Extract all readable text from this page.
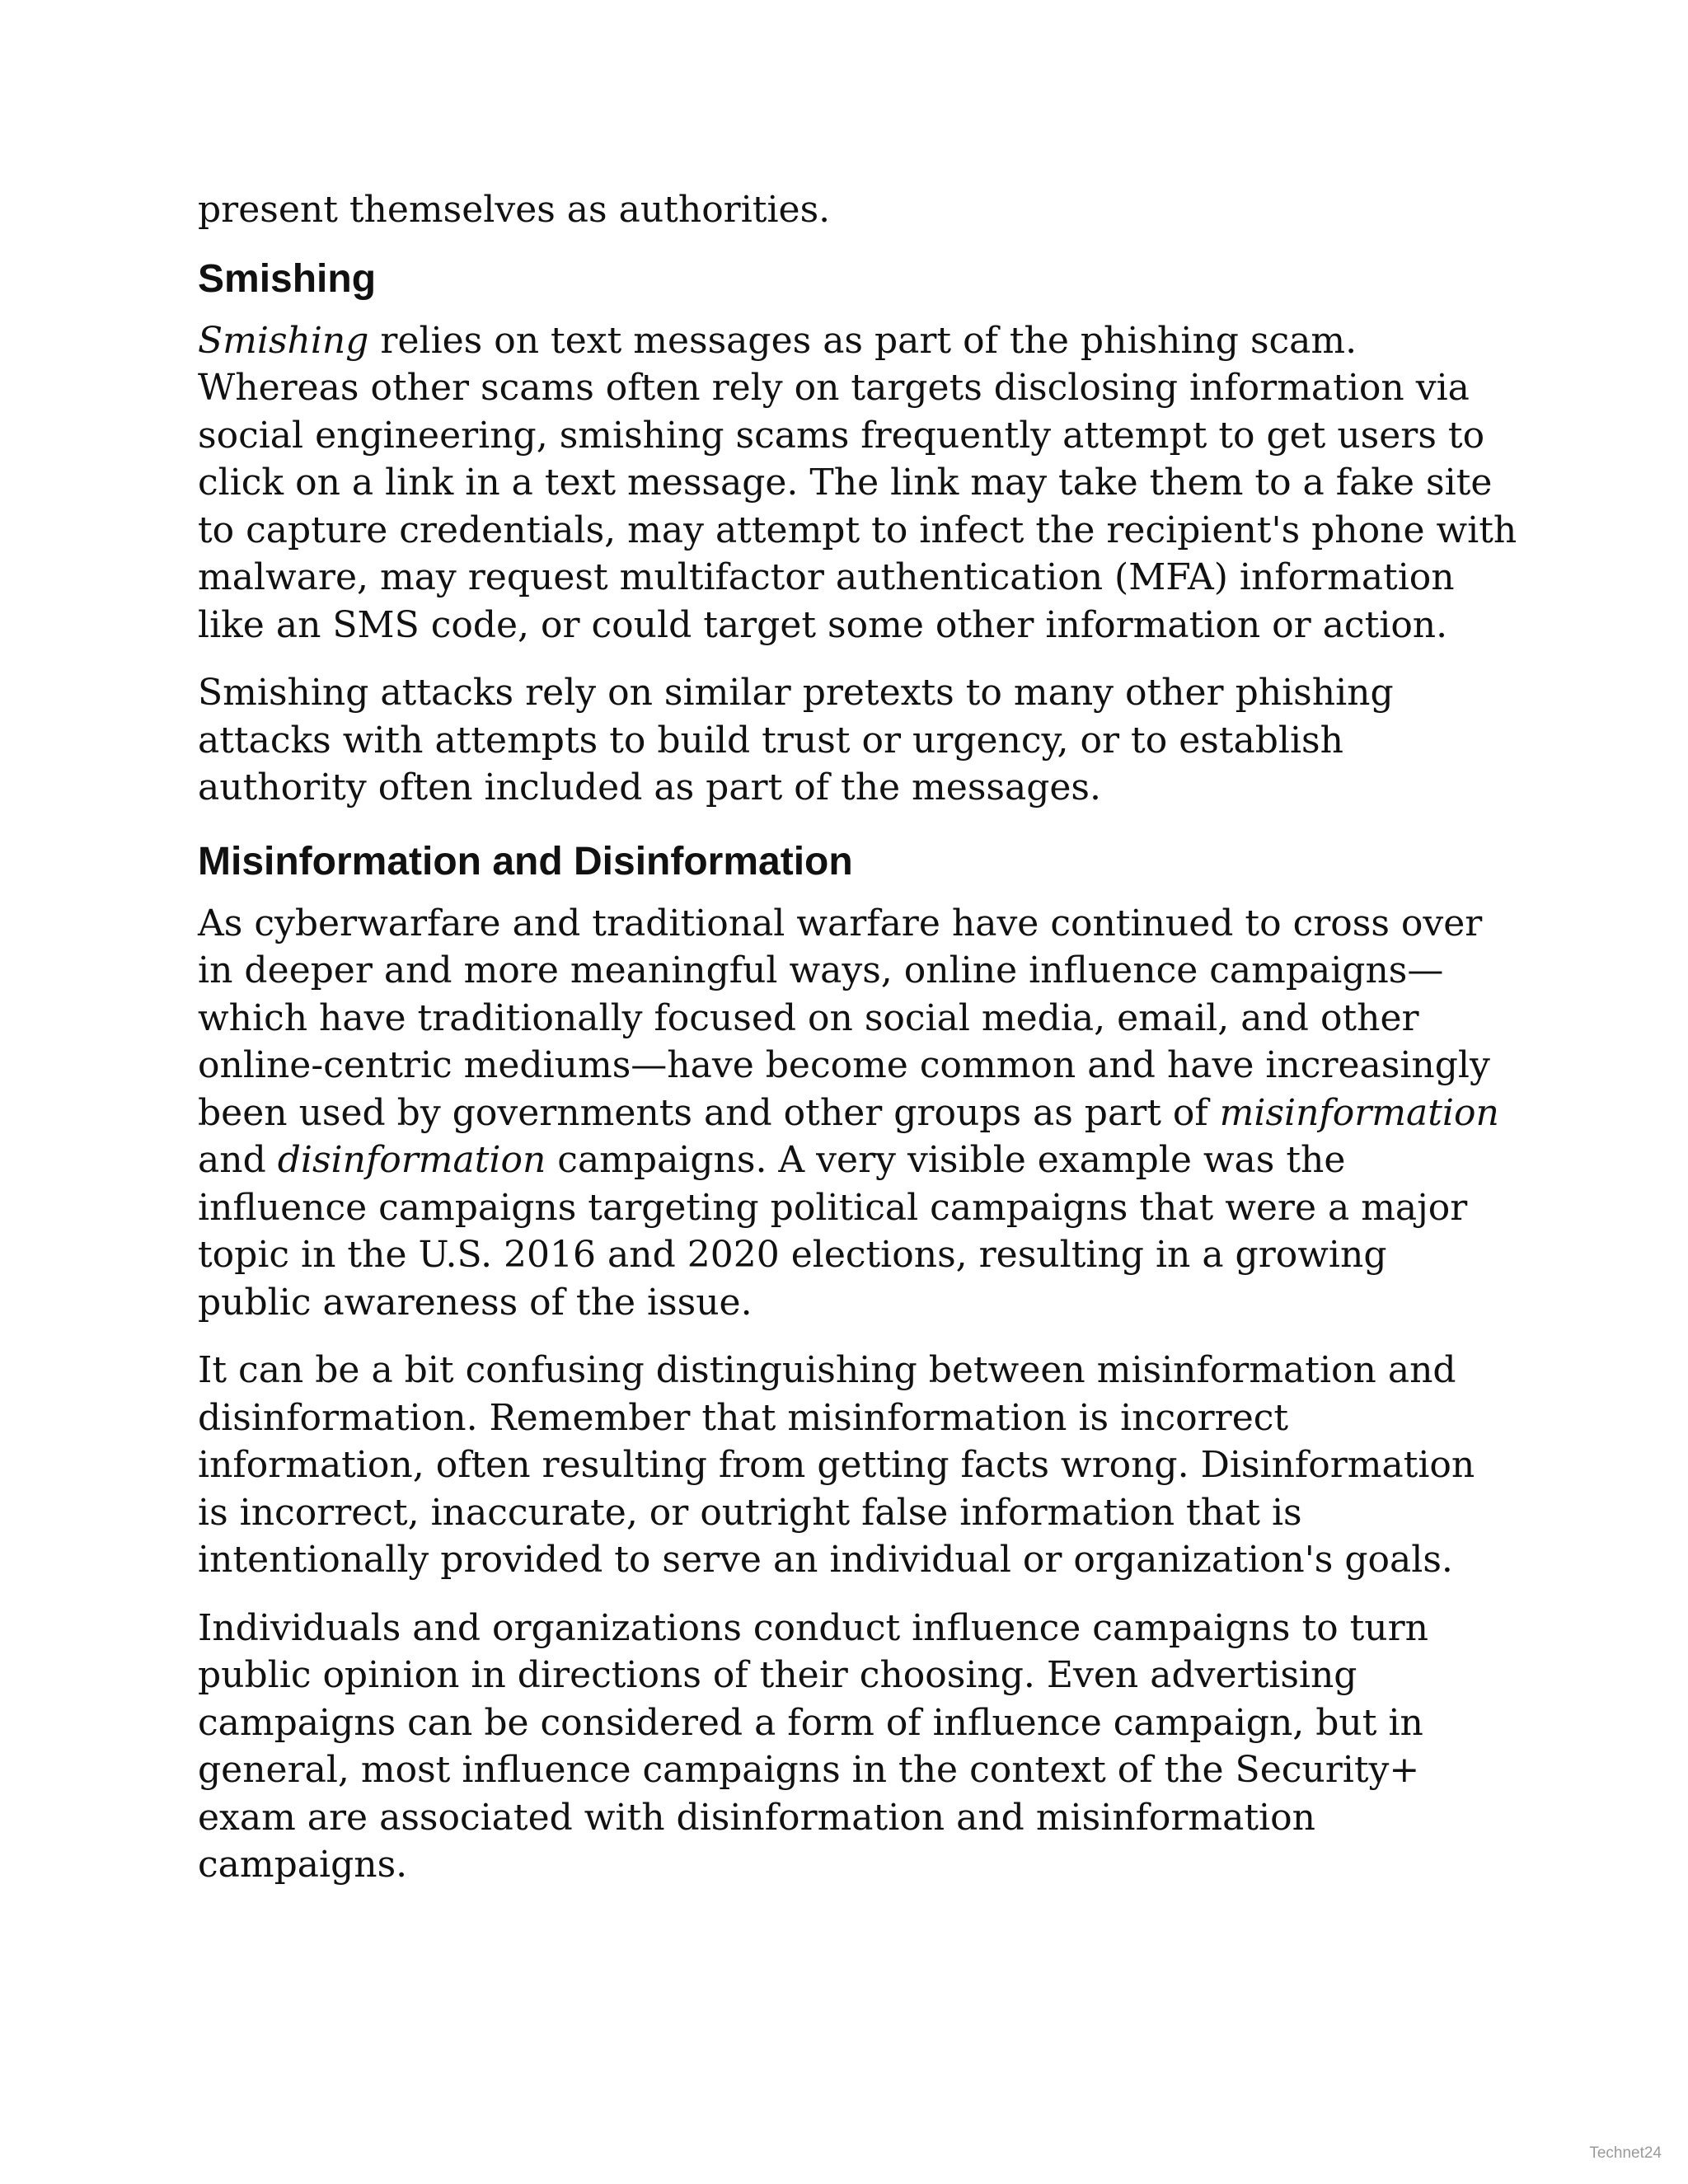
present themselves as authorities.

Smishing

Smishing relies on text messages as part of the phishing scam.
Whereas other scams often rely on targets disclosing information via
social engineering, smishing scams frequently attempt to get users to
click on a link in a text message. The link may take them to a fake site
to capture credentials, may attempt to infect the recipient's phone with
malware, may request multifactor authentication (MFA) information
like an SMS code, or could target some other information or action.

Smishing attacks rely on similar pretexts to many other phishing
attacks with attempts to build trust or urgency, or to establish
authority often included as part of the messages.

Misinformation and Disinformation

As cyberwarfare and traditional warfare have continued to cross over
in deeper and more meaningful ways, online influence campaigns—
which have traditionally focused on social media, email, and other
online-centric mediums—have become common and have increasingly
been used by governments and other groups as part of misinformation
and disinformation campaigns. A very visible example was the
influence campaigns targeting political campaigns that were a major
topic in the U.S. 2016 and 2020 elections, resulting in a growing
public awareness of the issue.

It can be a bit confusing distinguishing between misinformation and
disinformation. Remember that misinformation is incorrect
information, often resulting from getting facts wrong. Disinformation
is incorrect, inaccurate, or outright false information that is
intentionally provided to serve an individual or organization's goals.

Individuals and organizations conduct influence campaigns to turn
public opinion in directions of their choosing. Even advertising
campaigns can be considered a form of influence campaign, but in
general, most influence campaigns in the context of the Security+
exam are associated with disinformation and misinformation
campaigns.

Technet24
